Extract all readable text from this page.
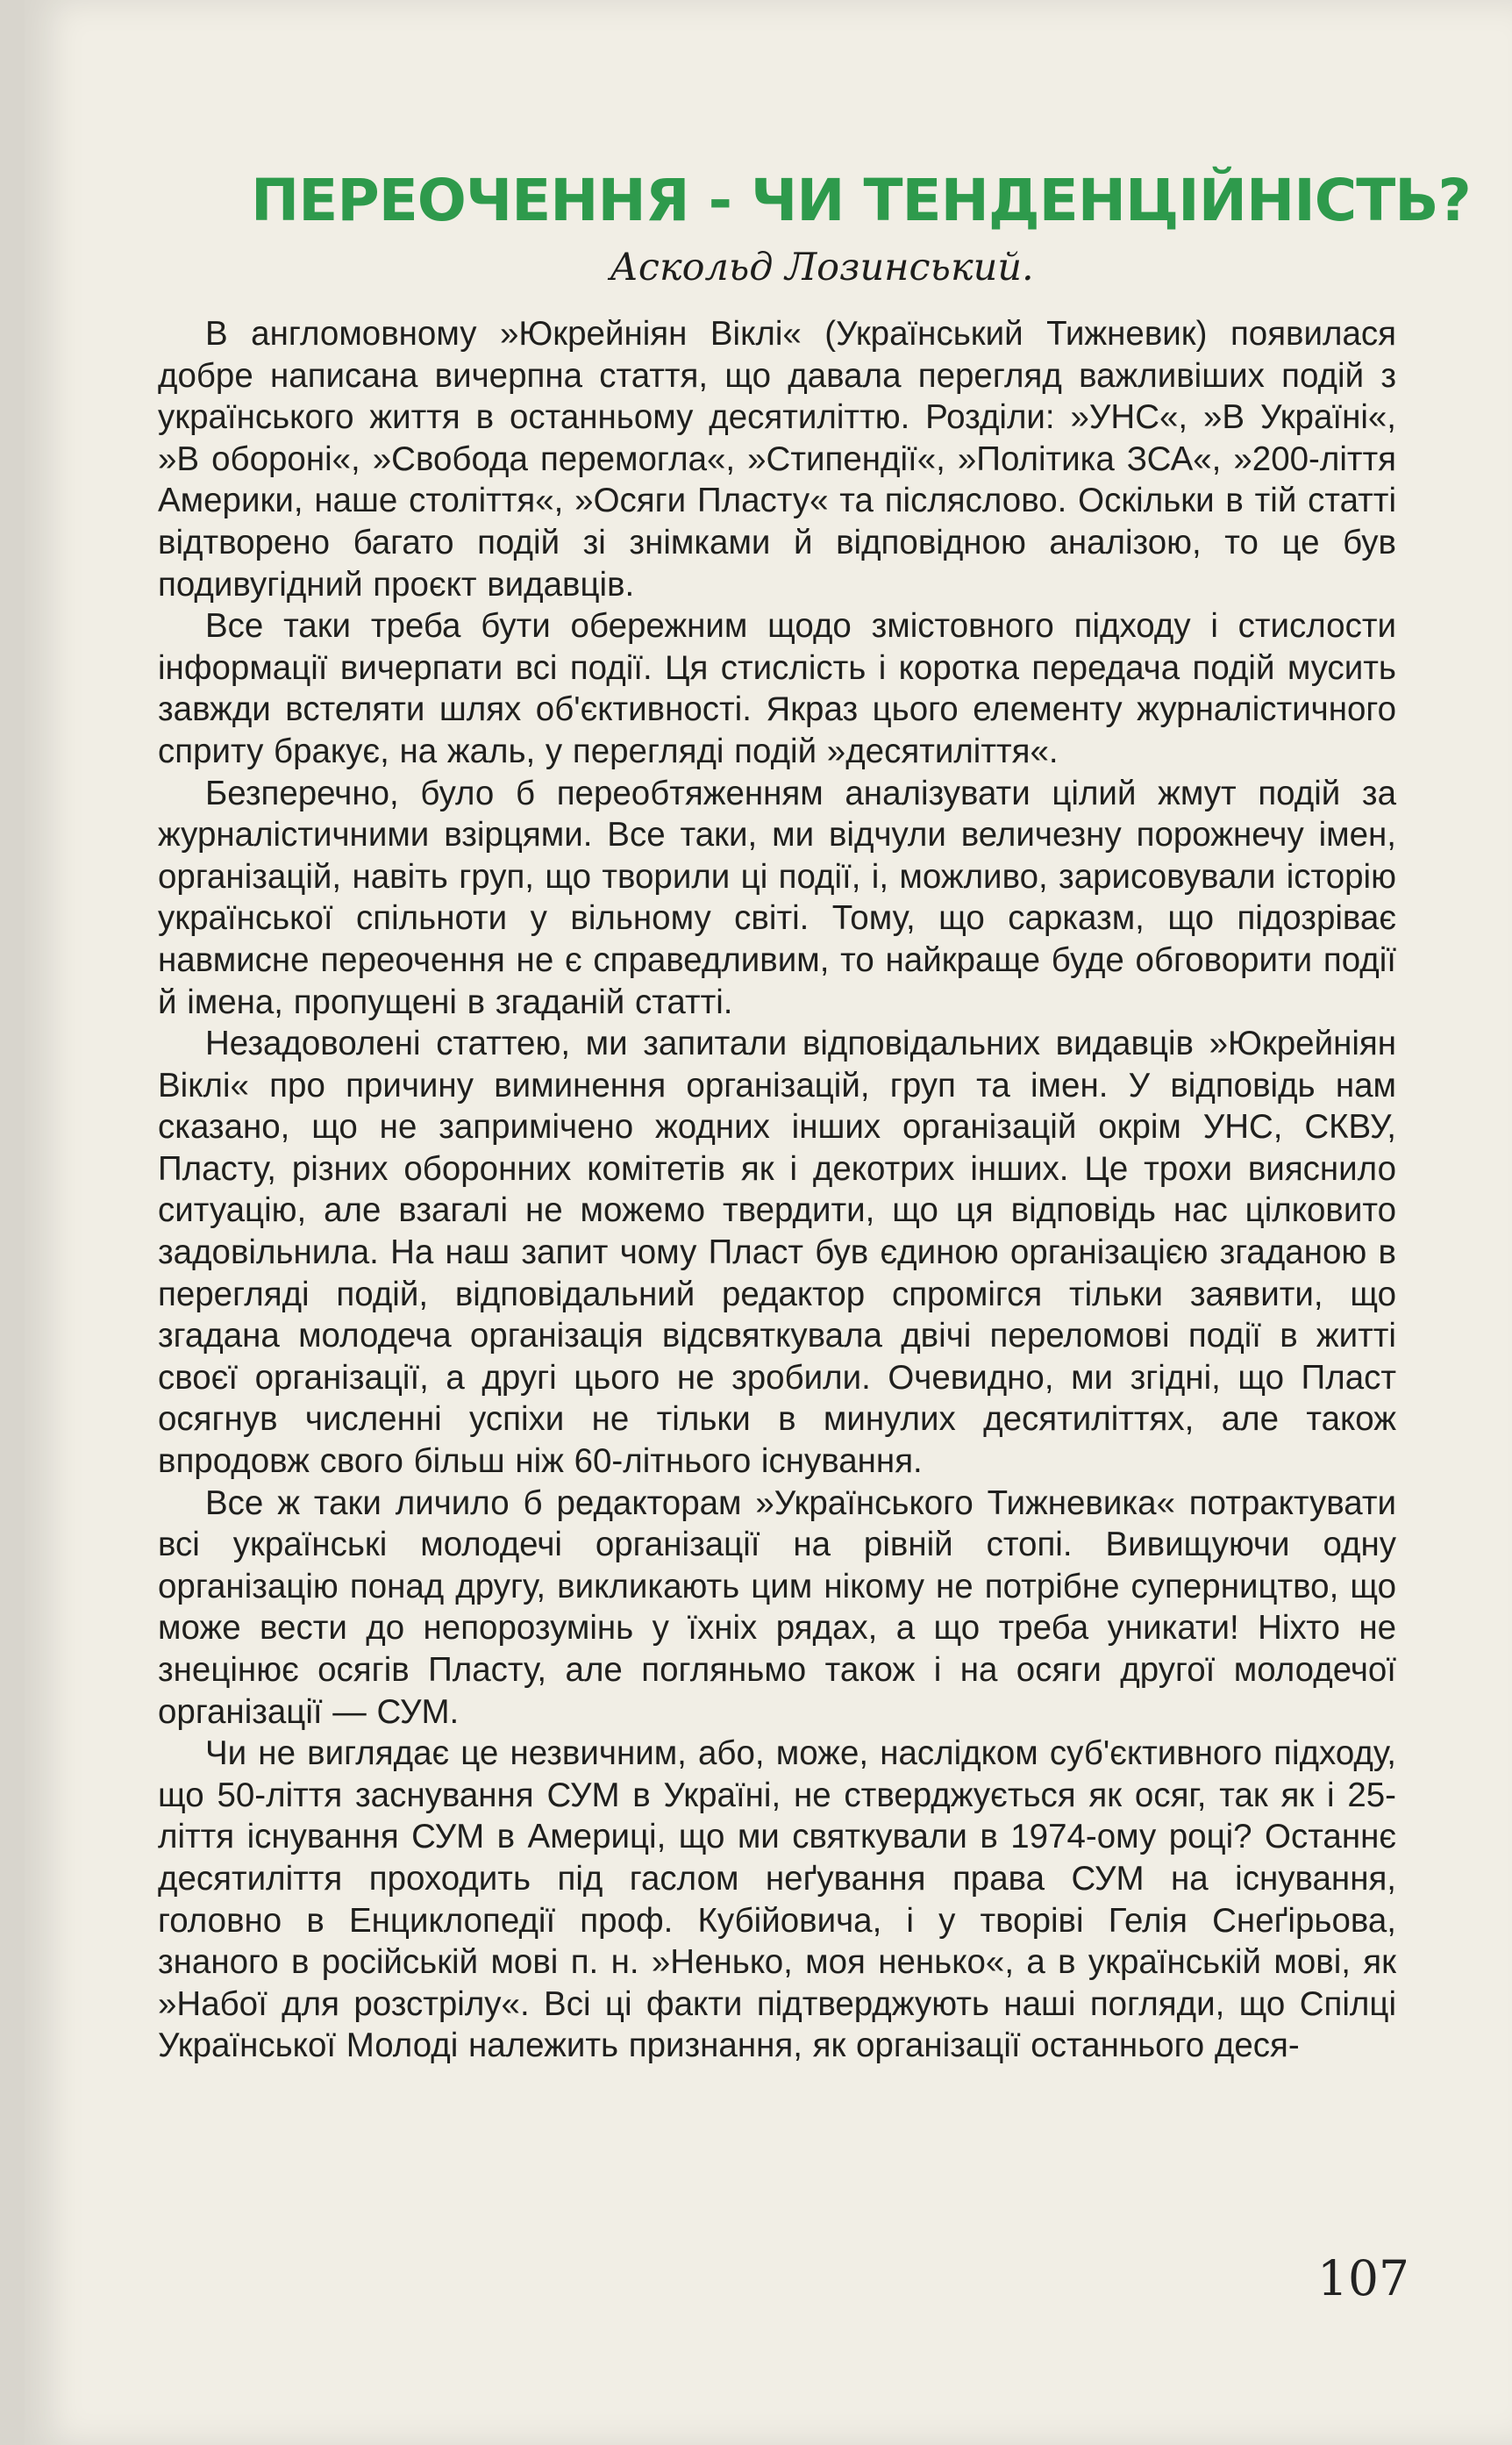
ПЕРЕОЧЕННЯ - ЧИ ТЕНДЕНЦІЙНІСТЬ?
Аскольд Лозинський.

В англомовному »Юкрейніян Віклі« (Український Тижневик) появилася добре написана вичерпна стаття, що давала перегляд важливіших подій з українського життя в останньому десятиліттю. Розділи: »УНС«, »В Україні«, »В обороні«, »Свобода перемогла«, »Стипендії«, »Політика ЗСА«, »200-ліття Америки, наше століття«, »Осяги Пласту« та післяслово. Оскільки в тій статті відтворено багато подій зі знімками й відповідною аналізою, то це був подивугідний проєкт видавців.

Все таки треба бути обережним щодо змістовного підходу і стислости інформації вичерпати всі події. Ця стислість і коротка передача подій мусить завжди встеляти шлях об'єктивності. Якраз цього елементу журналістичного сприту бракує, на жаль, у перегляді подій »десятиліття«.

Безперечно, було б переобтяженням аналізувати цілий жмут подій за журналістичними взірцями. Все таки, ми відчули величезну порожнечу імен, організацій, навіть груп, що творили ці події, і, можливо, зарисовували історію української спільноти у вільному світі. Тому, що сарказм, що підозріває навмисне переочення не є справедливим, то найкраще буде обговорити події й імена, пропущені в згаданій статті.

Незадоволені статтею, ми запитали відповідальних видавців »Юкрейніян Віклі« про причину виминення організацій, груп та імен. У відповідь нам сказано, що не запримічено жодних інших організацій окрім УНС, СКВУ, Пласту, різних оборонних комітетів як і декотрих інших. Це трохи вияснило ситуацію, але взагалі не можемо твердити, що ця відповідь нас цілковито задовільнила. На наш запит чому Пласт був єдиною організацією згаданою в перегляді подій, відповідальний редактор спромігся тільки заявити, що згадана молодеча організація відсвяткувала двічі переломові події в житті своєї організації, а другі цього не зробили. Очевидно, ми згідні, що Пласт осягнув численні успіхи не тільки в минулих десятиліттях, але також впродовж свого більш ніж 60-літнього існування.

Все ж таки личило б редакторам »Українського Тижневика« потрактувати всі українські молодечі організації на рівній стопі. Вивищуючи одну організацію понад другу, викликають цим нікому не потрібне суперництво, що може вести до непорозумінь у їхніх рядах, а що треба уникати! Ніхто не знецінює осягів Пласту, але погляньмо також і на осяги другої молодечої організації — СУМ.

Чи не виглядає це незвичним, або, може, наслідком суб'єктивного підходу, що 50-ліття заснування СУМ в Україні, не стверджується як осяг, так як і 25-ліття існування СУМ в Америці, що ми святкували в 1974-ому році? Останнє десятиліття проходить під гаслом неґування права СУМ на існування, головно в Енциклопедії проф. Кубійовича, і у творіві Гелія Снеґірьова, знаного в російській мові п. н. »Нeнькo, моя ненько«, а в українській мові, як »Набої для розстрілу«. Всі ці факти підтверджують наші погляди, що Спілці Української Молоді належить признання, як організації останнього деся-

107
